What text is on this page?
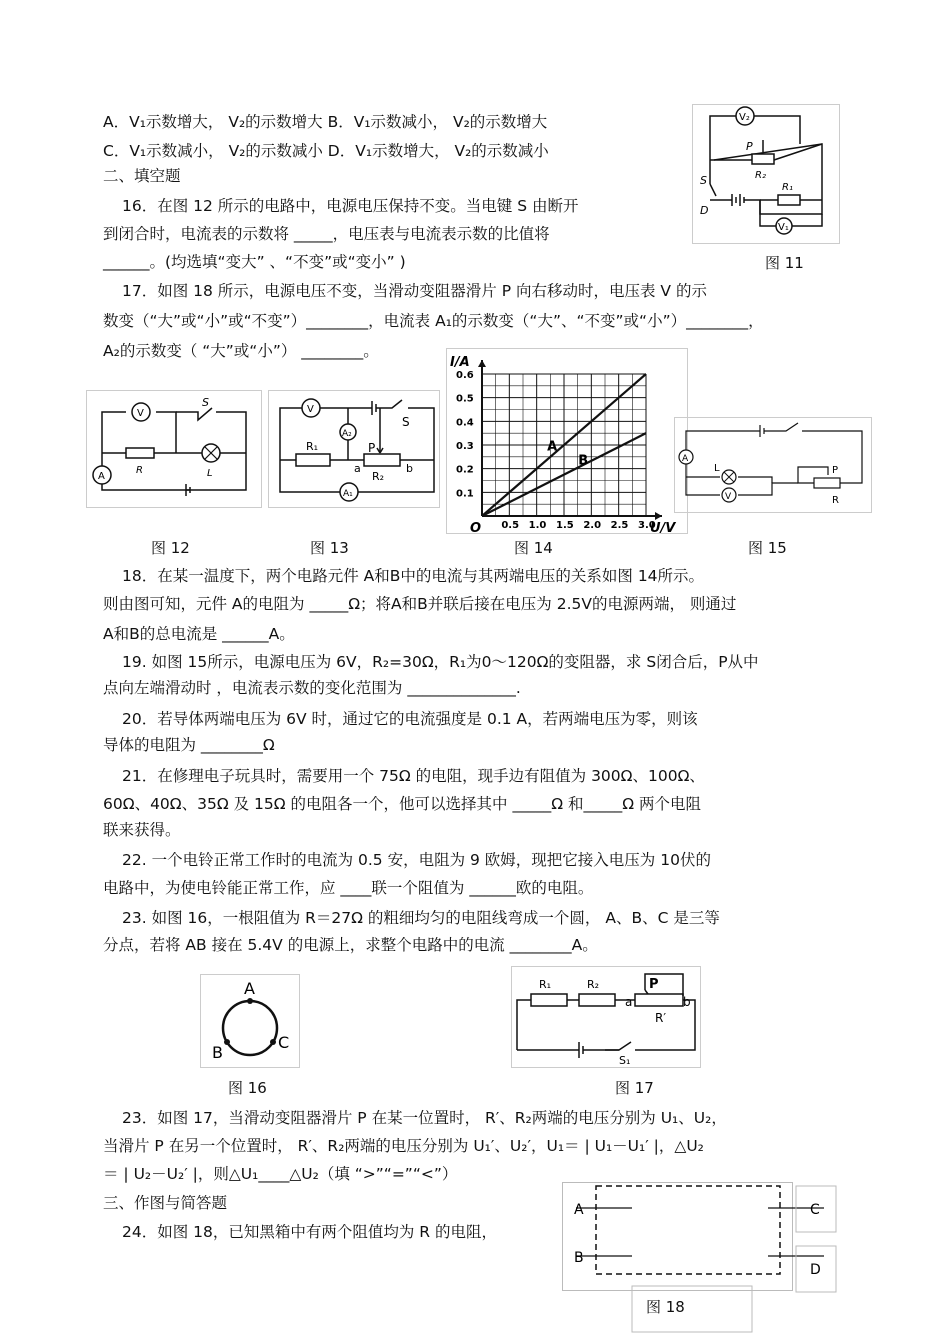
A．V₁示数增大， V₂的示数增大 B．V₁示数减小， V₂的示数增大
C．V₁示数减小， V₂的示数减小 D．V₁示数增大， V₂的示数减小
二、填空题
16．在图 12 所示的电路中，电源电压保持不变。当电键 S 由断开
到闭合时，电流表的示数将 _____，电压表与电流表示数的比值将
______。(均选填“变大” 、“不变”或“变小” )
17．如图 18 所示，电源电压不变，当滑动变阻器滑片 P 向右移动时，电压表 V 的示
数变（“大”或“小”或“不变”）________，电流表 A₁的示数变（“大”、“不变”或“小”）________，
A₂的示数变（ “大”或“小”） ________。
18．在某一温度下，两个电路元件 A和B中的电流与其两端电压的关系如图 14所示。
则由图可知，元件 A的电阻为 _____Ω；将A和B并联后接在电压为 2.5V的电源两端， 则通过
A和B的总电流是 ______A。
19. 如图 15所示，电源电压为 6V，R₂=30Ω，R₁为0～120Ω的变阻器，求 S闭合后，P从中
点向左端滑动时 ，电流表示数的变化范围为 ______________.
20．若导体两端电压为 6V 时，通过它的电流强度是 0.1 A，若两端电压为零，则该
导体的电阻为 ________Ω
21．在修理电子玩具时，需要用一个 75Ω 的电阻，现手边有阻值为 300Ω、100Ω、
60Ω、40Ω、35Ω 及 15Ω 的电阻各一个，他可以选择其中 _____Ω 和_____Ω 两个电阻
联来获得。
22. 一个电铃正常工作时的电流为 0.5 安，电阻为 9 欧姆，现把它接入电压为 10伏的
电路中，为使电铃能正常工作，应 ____联一个阻值为 ______欧的电阻。
23. 如图 16，一根阻值为 R＝27Ω 的粗细均匀的电阻线弯成一个圆， A、B、C 是三等
分点，若将 AB 接在 5.4V 的电源上，求整个电路中的电流 ________A。
23．如图 17，当滑动变阻器滑片 P 在某一位置时， R′、R₂两端的电压分别为 U₁、U₂，
当滑片 P 在另一个位置时， R′、R₂两端的电压分别为 U₁′、U₂′，U₁＝ | U₁－U₁′ |，△U₂
＝ | U₂－U₂′ |，则△U₁____△U₂（填 “>”“=”“<”）
三、作图与简答题
24．如图 18，已知黑箱中有两个阻值均为 R 的电阻，
V₂
V₁
P
R₂
R₁
S
D
图 11
V
A
S
R	L
图 12
V
A₂
A₁
S
P
R₁
R₂
a	b
图 13
0.5 1.0 1.5 2.0 2.5 3.0
0.1
0.2
0.3
0.4
0.5
0.6
A
B
I/A
U/V
O
图 14
A
V
L	P
R
图 15
A
B
C
图 16
R₁	R₂	P
R′
a	b
S₁
图 17
A
B
C
D
图 18
